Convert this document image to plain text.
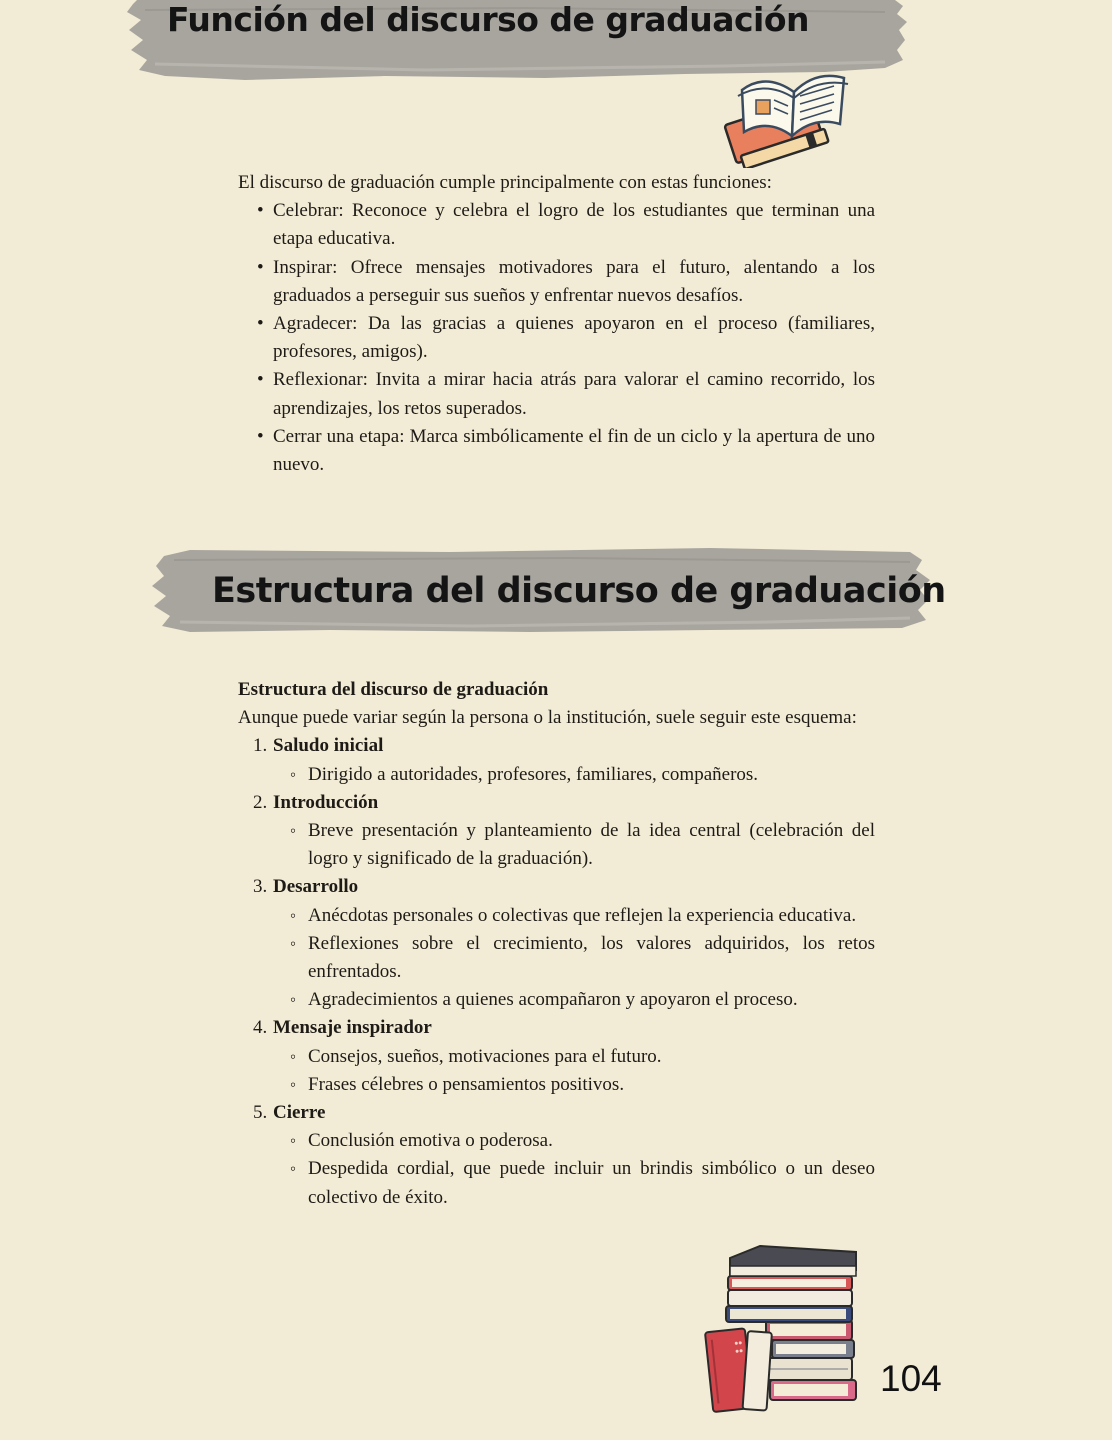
Función del discurso de graduación

El discurso de graduación cumple principalmente con estas funciones:

• Celebrar: Reconoce y celebra el logro de los estudiantes que terminan una etapa educativa.
• Inspirar: Ofrece mensajes motivadores para el futuro, alentando a los graduados a perseguir sus sueños y enfrentar nuevos desafíos.
• Agradecer: Da las gracias a quienes apoyaron en el proceso (familiares, profesores, amigos).
• Reflexionar: Invita a mirar hacia atrás para valorar el camino recorrido, los aprendizajes, los retos superados.
• Cerrar una etapa: Marca simbólicamente el fin de un ciclo y la apertura de uno nuevo.
Estructura del discurso de graduación

Estructura del discurso de graduación

Aunque puede variar según la persona o la institución, suele seguir este esquema:

1. Saludo inicial
◦ Dirigido a autoridades, profesores, familiares, compañeros.
2. Introducción
◦ Breve presentación y planteamiento de la idea central (celebración del logro y significado de la graduación).
3. Desarrollo
◦ Anécdotas personales o colectivas que reflejen la experiencia educativa.
◦ Reflexiones sobre el crecimiento, los valores adquiridos, los retos enfrentados.
◦ Agradecimientos a quienes acompañaron y apoyaron el proceso.
4. Mensaje inspirador
◦ Consejos, sueños, motivaciones para el futuro.
◦ Frases célebres o pensamientos positivos.
5. Cierre
◦ Conclusión emotiva o poderosa.
◦ Despedida cordial, que puede incluir un brindis simbólico o un deseo colectivo de éxito.
104
